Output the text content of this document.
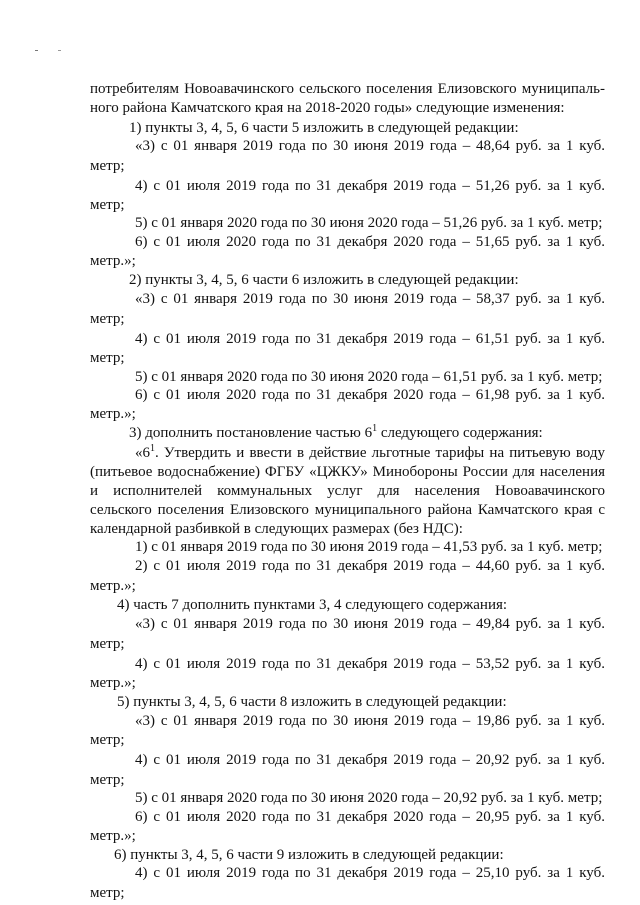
потребителям Новоавачинского сельского поселения Елизовского муниципаль-
ного района Камчатского края на 2018-2020 годы» следующие изменения:
1) пункты 3, 4, 5, 6 части 5 изложить в следующей редакции:
«3) с 01 января 2019 года по 30 июня 2019 года – 48,64 руб. за 1 куб.
метр;
4) с 01 июля 2019 года по 31 декабря 2019 года – 51,26 руб. за 1 куб.
метр;
5) с 01 января 2020 года по 30 июня 2020 года – 51,26 руб. за 1 куб. метр;
6) с 01 июля 2020 года по 31 декабря 2020 года – 51,65 руб. за 1 куб.
метр.»;
2) пункты 3, 4, 5, 6 части 6 изложить в следующей редакции:
«3) с 01 января 2019 года по 30 июня 2019 года – 58,37 руб. за 1 куб.
метр;
4) с 01 июля 2019 года по 31 декабря 2019 года – 61,51 руб. за 1 куб.
метр;
5) с 01 января 2020 года по 30 июня 2020 года – 61,51 руб. за 1 куб. метр;
6) с 01 июля 2020 года по 31 декабря 2020 года – 61,98 руб. за 1 куб.
метр.»;
3) дополнить постановление частью $6^1$ следующего содержания:
«$6^1$. Утвердить и ввести в действие льготные тарифы на питьевую воду
(питьевое водоснабжение) ФГБУ «ЦЖКУ» Минобороны России для населения
и исполнителей коммунальных услуг для населения Новоавачинского
сельского поселения Елизовского муниципального района Камчатского края с
календарной разбивкой в следующих размерах (без НДС):
1) с 01 января 2019 года по 30 июня 2019 года – 41,53 руб. за 1 куб. метр;
2) с 01 июля 2019 года по 31 декабря 2019 года – 44,60 руб. за 1 куб.
метр.»;
4) часть 7 дополнить пунктами 3, 4 следующего содержания:
«3) с 01 января 2019 года по 30 июня 2019 года – 49,84 руб. за 1 куб.
метр;
4) с 01 июля 2019 года по 31 декабря 2019 года – 53,52 руб. за 1 куб.
метр.»;
5) пункты 3, 4, 5, 6 части 8 изложить в следующей редакции:
«3) с 01 января 2019 года по 30 июня 2019 года – 19,86 руб. за 1 куб.
метр;
4) с 01 июля 2019 года по 31 декабря 2019 года – 20,92 руб. за 1 куб.
метр;
5) с 01 января 2020 года по 30 июня 2020 года – 20,92 руб. за 1 куб. метр;
6) с 01 июля 2020 года по 31 декабря 2020 года – 20,95 руб. за 1 куб.
метр.»;
6) пункты 3, 4, 5, 6 части 9 изложить в следующей редакции:
4) с 01 июля 2019 года по 31 декабря 2019 года – 25,10 руб. за 1 куб.
метр;
